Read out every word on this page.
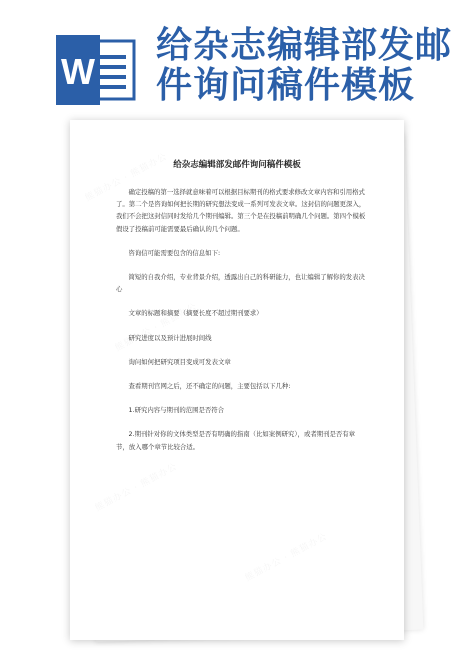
W
给杂志编辑部发邮件询问稿件模板
给杂志编辑部发邮件询问稿件模板

确定投稿的第一选择就意味着可以根据目标期刊的格式要求修改文章内容和引用格式了。第二个是咨询如何把长期的研究想法变成一系列可发表文章。这封信的问题更深入，我们不会把这封信同时发给几个期刊编辑。第三个是在投稿前明确几个问题。第四个模板假设了投稿前可能需要最后确认的几个问题。

咨询信可能需要包含的信息如下:

简短的自我介绍，专业背景介绍，透露出自己的科研能力，也让编辑了解你的发表决心

文章的标题和摘要（摘要长度不超过期刊要求）

研究进度以及预计进展时间线

询问如何把研究项目变成可发表文章

查看期刊官网之后，还不确定的问题，主要包括以下几种:

1.研究内容与期刊的范围是否符合

2.期刊针对你的文体类型是否有明确的指南（比如案例研究），或者期刊是否有章节，放入哪个章节比较合适。
